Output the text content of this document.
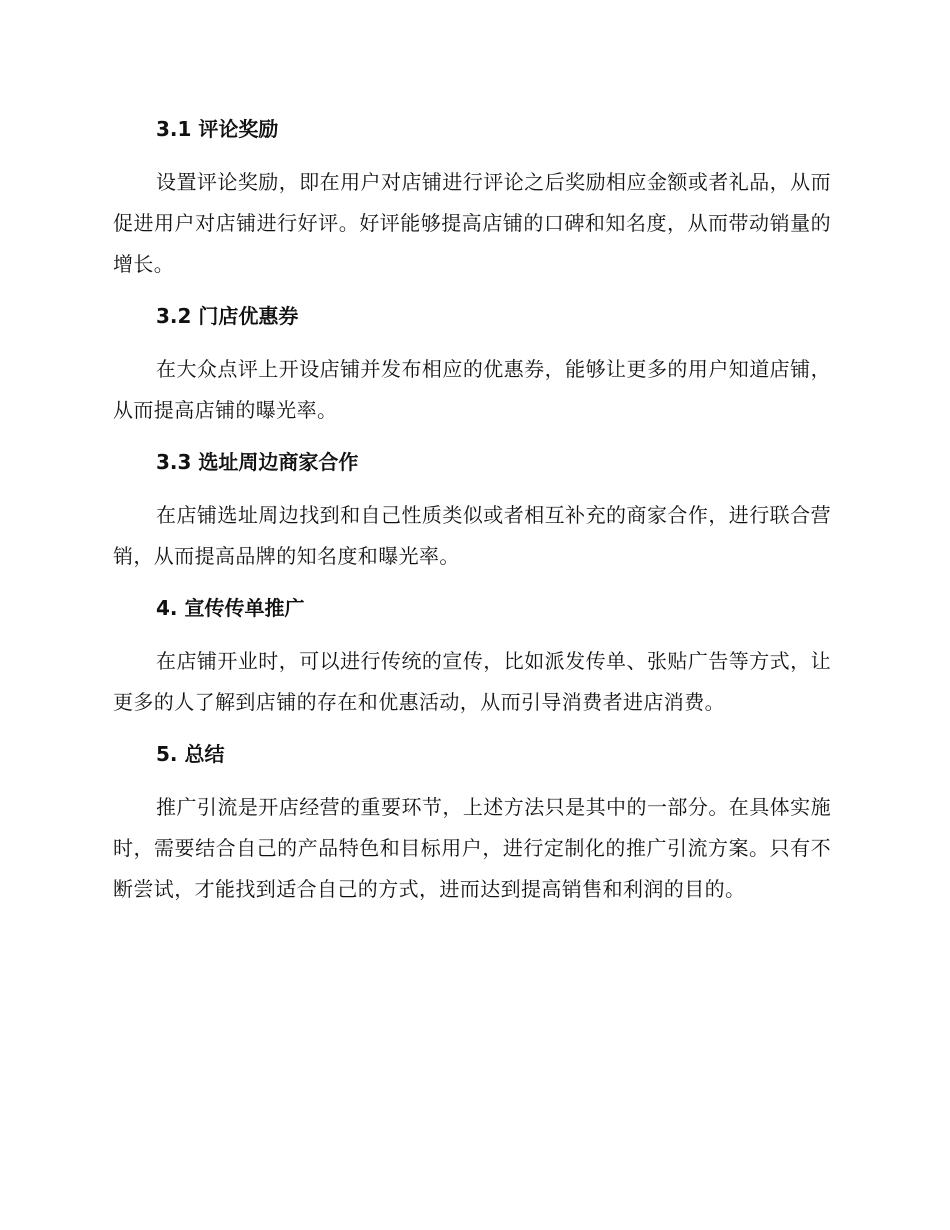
3.1 评论奖励

设置评论奖励，即在用户对店铺进行评论之后奖励相应金额或者礼品，从而促进用户对店铺进行好评。好评能够提高店铺的口碑和知名度，从而带动销量的增长。

3.2 门店优惠券

在大众点评上开设店铺并发布相应的优惠券，能够让更多的用户知道店铺，从而提高店铺的曝光率。

3.3 选址周边商家合作

在店铺选址周边找到和自己性质类似或者相互补充的商家合作，进行联合营销，从而提高品牌的知名度和曝光率。

4. 宣传传单推广

在店铺开业时，可以进行传统的宣传，比如派发传单、张贴广告等方式，让更多的人了解到店铺的存在和优惠活动，从而引导消费者进店消费。

5. 总结

推广引流是开店经营的重要环节，上述方法只是其中的一部分。在具体实施时，需要结合自己的产品特色和目标用户，进行定制化的推广引流方案。只有不断尝试，才能找到适合自己的方式，进而达到提高销售和利润的目的。
